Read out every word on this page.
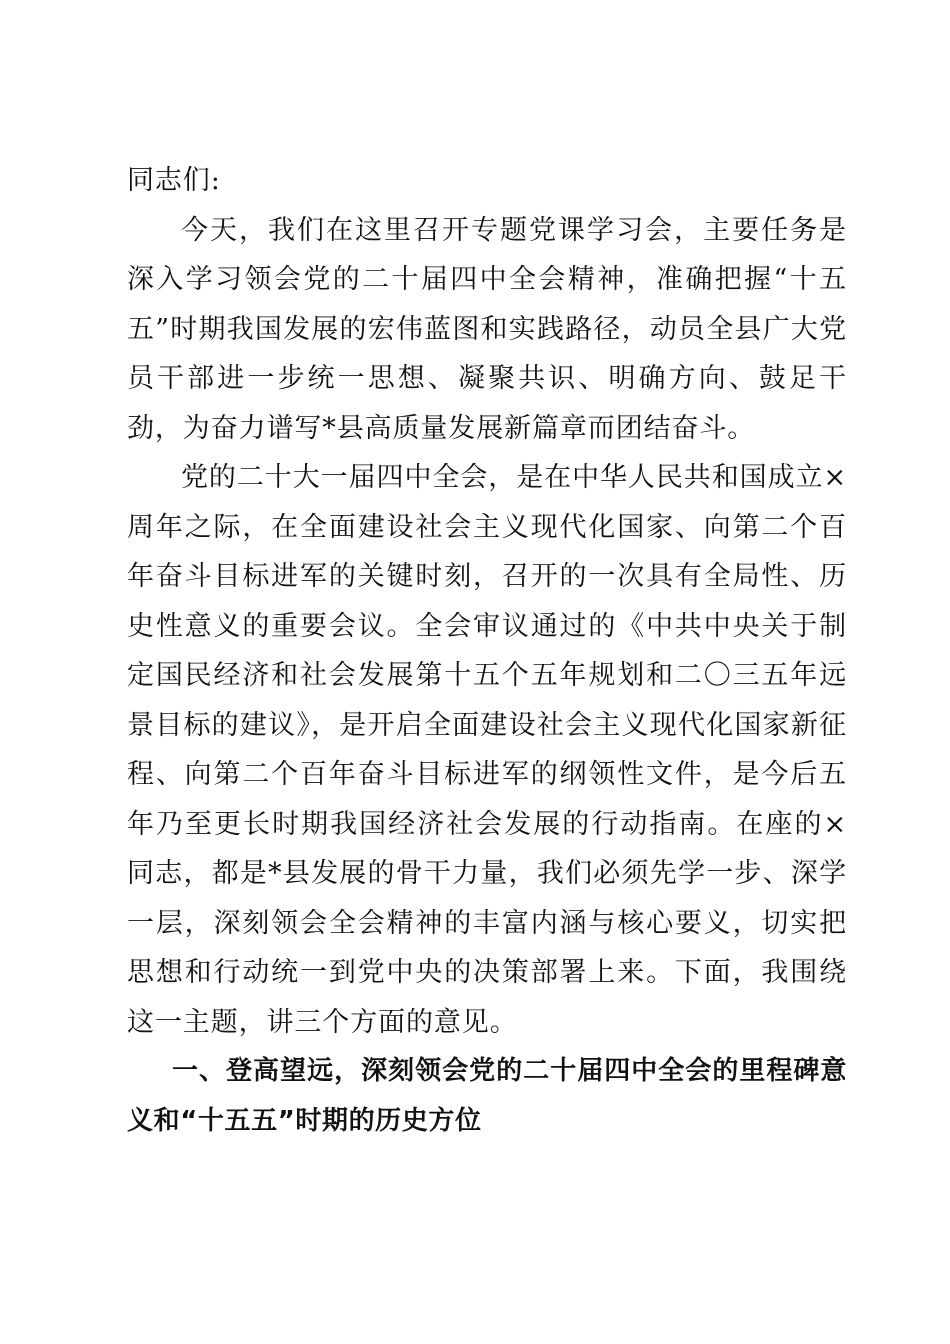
同志们:

今天，我们在这里召开专题党课学习会，主要任务是深入学习领会党的二十届四中全会精神，准确把握“十五五”时期我国发展的宏伟蓝图和实践路径，动员全县广大党员干部进一步统一思想、凝聚共识、明确方向、鼓足干劲，为奋力谱写*县高质量发展新篇章而团结奋斗。

党的二十大一届四中全会，是在中华人民共和国成立×周年之际，在全面建设社会主义现代化国家、向第二个百年奋斗目标进军的关键时刻，召开的一次具有全局性、历史性意义的重要会议。全会审议通过的《中共中央关于制定国民经济和社会发展第十五个五年规划和二〇三五年远景目标的建议》，是开启全面建设社会主义现代化国家新征程、向第二个百年奋斗目标进军的纲领性文件，是今后五年乃至更长时期我国经济社会发展的行动指南。在座的×同志，都是*县发展的骨干力量，我们必须先学一步、深学一层，深刻领会全会精神的丰富内涵与核心要义，切实把思想和行动统一到党中央的决策部署上来。下面，我围绕这一主题，讲三个方面的意见。

一、登高望远，深刻领会党的二十届四中全会的里程碑意义和“十五五”时期的历史方位
